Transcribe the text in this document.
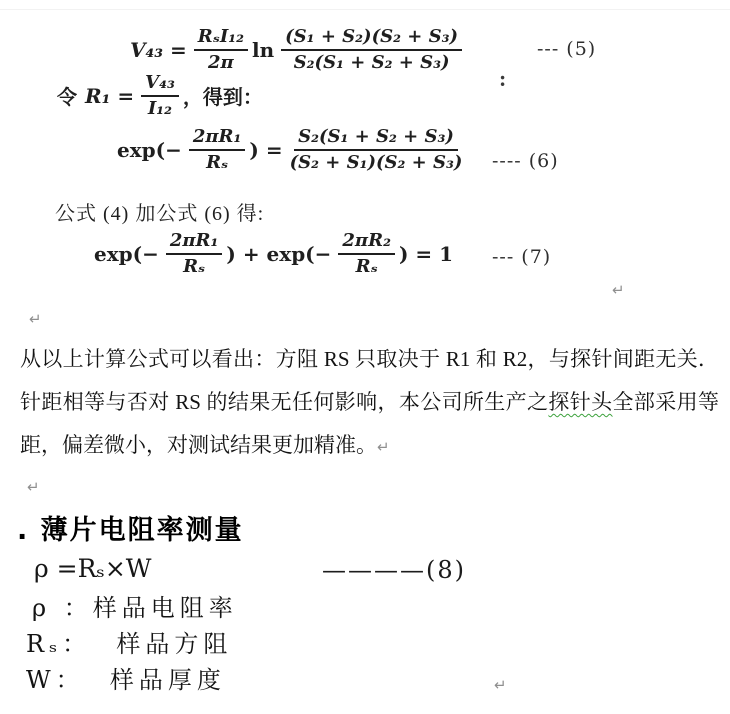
$V_{43} = \frac{\text{RₛI₁₂}}{2\pi}$ $\ln \frac{\text{(S₁ + S₂)(S₂ + S₃)}}{\text{S₂(S₁ + S₂ + S₃)}}$	--- (5)
令 $R_1 = \frac{\text{V₄₃}}{\text{I₁₂}}$ ，得到：
:
$\exp(- \frac{\text{2πR₁}}{\text{Rₛ}}$ ) = $\frac{\text{S₂(S₁ + S₂ + S₃)}}{\text{(S₂ + S₁)(S₂ + S₃)}}$ ---- (6)
公式 (4) 加公式 (6) 得:
$\exp(- \frac{\text{2πR₁}}{\text{Rₛ}}$ ) + $\exp(- \frac{\text{2πR₂}}{\text{Rₛ}}$ ) = 1 --- (7)
↵
↵
从以上计算公式可以看出：方阻 RS 只取决于 R1 和 R2，与探针间距无关．针距相等与否对 RS 的结果无任何影响，本公司所生产之探针头全部采用等距，偏差微小，对测试结果更加精准。↵
↵
. 薄片电阻率测量
ρ =Rₛ×W	————(8)
ρ ：样品电阻率
Rₛ：  样品方阻
W：  样品厚度	↵
